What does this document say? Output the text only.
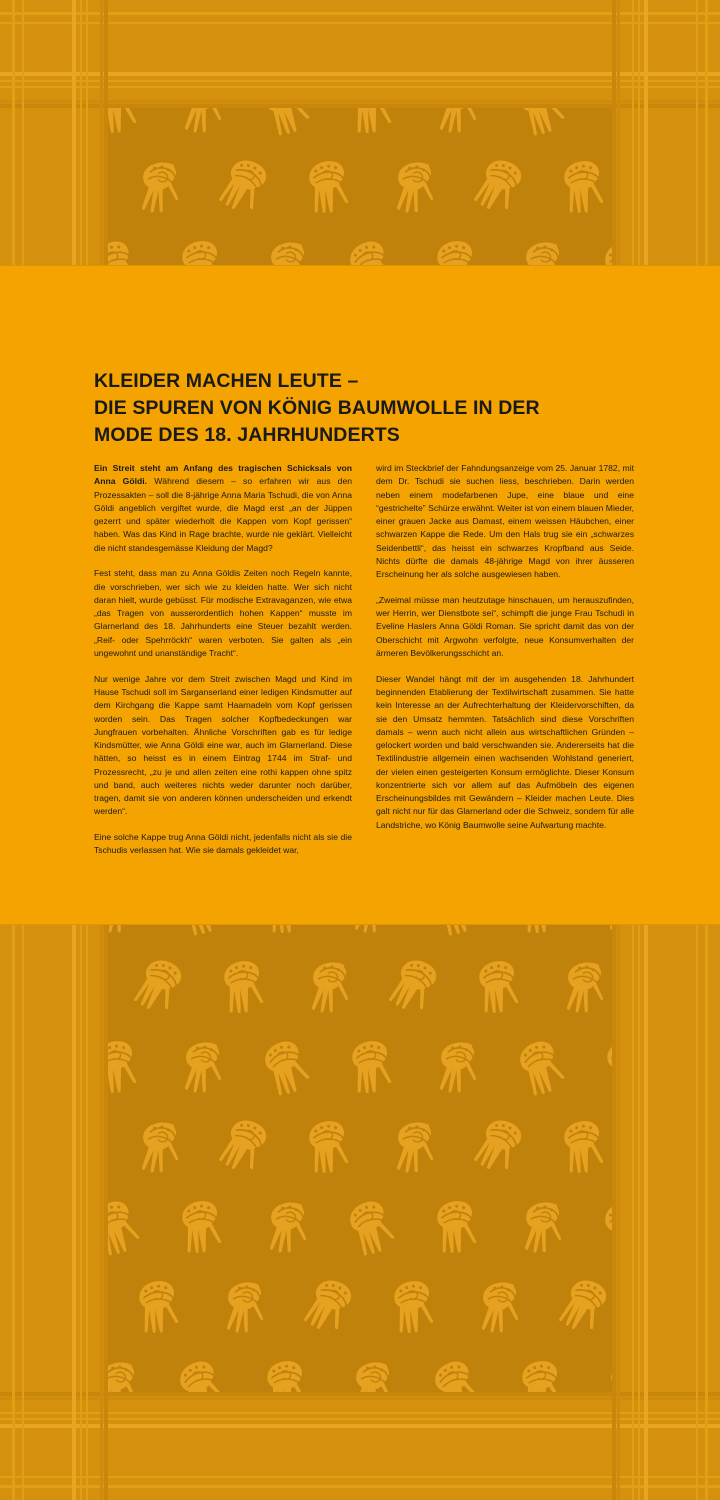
KLEIDER MACHEN LEUTE –
DIE SPUREN VON KÖNIG BAUMWOLLE IN DER
MODE DES 18. JAHRHUNDERTS

Ein Streit steht am Anfang des tragischen Schicksals von Anna Göldi. Während diesem – so erfahren wir aus den Prozessakten – soll die 8-jährige Anna Maria Tschudi, die von Anna Göldi angeblich vergiftet wurde, die Magd erst „an der Jüppen gezerrt und später wiederholt die Kappen vom Kopf gerissen“ haben. Was das Kind in Rage brachte, wurde nie geklärt. Vielleicht die nicht standesgemässe Kleidung der Magd?

Fest steht, dass man zu Anna Göldis Zeiten noch Regeln kannte, die vorschrieben, wer sich wie zu kleiden hatte. Wer sich nicht daran hielt, wurde gebüsst. Für modische Extravaganzen, wie etwa „das Tragen von ausserordentlich hohen Kappen“ musste im Glarnerland des 18. Jahrhunderts eine Steuer bezahlt werden. „Reif- oder Spehrröckh“ waren verboten. Sie galten als „ein ungewohnt und unanständige Tracht“.

Nur wenige Jahre vor dem Streit zwischen Magd und Kind im Hause Tschudi soll im Sarganserland einer ledigen Kindsmutter auf dem Kirchgang die Kappe samt Haarnadeln vom Kopf gerissen worden sein. Das Tragen solcher Kopfbedeckungen war Jungfrauen vorbehalten. Ähnliche Vorschriften gab es für ledige Kindsmütter, wie Anna Göldi eine war, auch im Glarnerland. Diese hätten, so heisst es in einem Eintrag 1744 im Straf- und Prozessrecht, „zu je und allen zeiten eine rothi kappen ohne spitz und band, auch weiteres nichts weder darunter noch darüber, tragen, damit sie von anderen können underscheiden und erkendt werden“.

Eine solche Kappe trug Anna Göldi nicht, jedenfalls nicht als sie die Tschudis verlassen hat. Wie sie damals gekleidet war,

wird im Steckbrief der Fahndungsanzeige vom 25. Januar 1782, mit dem Dr. Tschudi sie suchen liess, beschrieben. Darin werden neben einem modefarbenen Jupe, eine blaue und eine “gestrichelte” Schürze erwähnt. Weiter ist von einem blauen Mieder, einer grauen Jacke aus Damast, einem weissen Häubchen, einer schwarzen Kappe die Rede. Um den Hals trug sie ein „schwarzes Seidenbettli“, das heisst ein schwarzes Kropfband aus Seide. Nichts dürfte die damals 48-jährige Magd von ihrer äusseren Erscheinung her als solche ausgewiesen haben.

„Zweimal müsse man heutzutage hinschauen, um herauszufinden, wer Herrin, wer Dienstbote sei“, schimpft die junge Frau Tschudi in Eveline Haslers Anna Göldi Roman. Sie spricht damit das von der Oberschicht mit Argwohn verfolgte, neue Konsumverhalten der ärmeren Bevölkerungsschicht an.

Dieser Wandel hängt mit der im ausgehenden 18. Jahrhundert beginnenden Etablierung der Textilwirtschaft zusammen. Sie hatte kein Interesse an der Aufrechterhaltung der Kleidervorschiften, da sie den Umsatz hemmten. Tatsächlich sind diese Vorschriften damals – wenn auch nicht allein aus wirtschaftlichen Gründen – gelockert worden und bald verschwanden sie. Andererseits hat die Textilindustrie allgemein einen wachsenden Wohlstand generiert, der vielen einen gesteigerten Konsum ermöglichte. Dieser Konsum konzentrierte sich vor allem auf das Aufmöbeln des eigenen Erscheinungsbildes mit Gewändern – Kleider machen Leute. Dies galt nicht nur für das Glarnerland oder die Schweiz, sondern für alle Landstriche, wo König Baumwolle seine Aufwartung machte.
